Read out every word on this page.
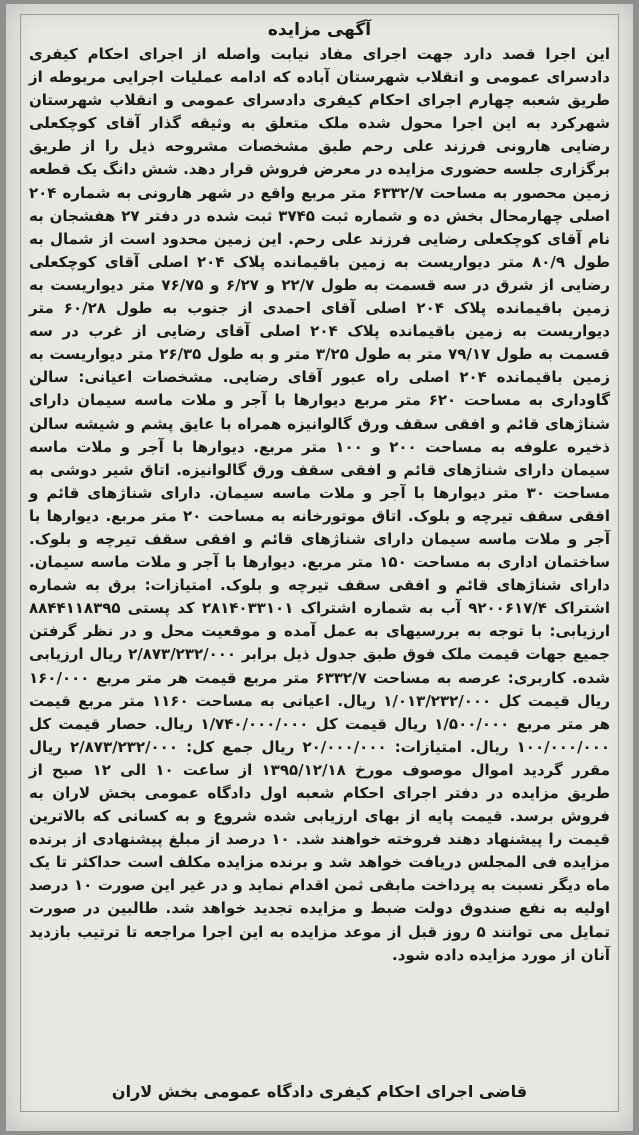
آگهی مزایده

این اجرا قصد دارد جهت اجرای مفاد نیابت واصله از اجرای احکام کیفری دادسرای عمومی و انقلاب شهرستان آباده که ادامه عملیات اجرایی مربوطه از طریق شعبه چهارم اجرای احکام کیفری دادسرای عمومی و انقلاب شهرستان شهرکرد به این اجرا محول شده ملک متعلق به وثیقه گذار آقای کوچکعلی رضایی هارونی فرزند علی رحم طبق مشخصات مشروحه ذیل را از طریق برگزاری جلسه حضوری مزایده در معرض فروش قرار دهد. شش دانگ یک قطعه زمین محصور به مساحت ۶۳۳۲/۷ متر مربع واقع در شهر هارونی به شماره ۲۰۴ اصلی چهارمحال بخش ده و شماره ثبت ۳۷۴۵ ثبت شده در دفتر ۲۷ هفشجان به نام آقای کوچکعلی رضایی فرزند علی رحم. این زمین محدود است از شمال به طول ۸۰/۹ متر دیواریست به زمین باقیمانده پلاک ۲۰۴ اصلی آقای کوچکعلی رضایی از شرق در سه قسمت به طول ۲۲/۷ و ۶/۲۷ و ۷۶/۷۵ متر دیواریست به زمین باقیمانده پلاک ۲۰۴ اصلی آقای احمدی از جنوب به طول ۶۰/۲۸ متر دیواریست به زمین باقیمانده پلاک ۲۰۴ اصلی آقای رضایی از غرب در سه قسمت به طول ۷۹/۱۷ متر به طول ۳/۲۵ متر و به طول ۲۶/۳۵ متر دیواریست به زمین باقیمانده ۲۰۴ اصلی راه عبور آقای رضایی. مشخصات اعیانی: سالن گاوداری به مساحت ۶۲۰ متر مربع دیوارها با آجر و ملات ماسه سیمان دارای شناژهای قائم و افقی سقف ورق گالوانیزه همراه با عایق پشم و شیشه سالن ذخیره علوفه به مساحت ۲۰۰ و ۱۰۰ متر مربع. دیوارها با آجر و ملات ماسه سیمان دارای شناژهای قائم و افقی سقف ورق گالوانیزه. اتاق شیر دوشی به مساحت ۳۰ متر دیوارها با آجر و ملات ماسه سیمان. دارای شناژهای قائم و افقی سقف تیرچه و بلوک. اتاق موتورخانه به مساحت ۲۰ متر مربع. دیوارها با آجر و ملات ماسه سیمان دارای شناژهای قائم و افقی سقف تیرچه و بلوک. ساختمان اداری به مساحت ۱۵۰ متر مربع. دیوارها با آجر و ملات ماسه سیمان. دارای شناژهای قائم و افقی سقف تیرچه و بلوک. امتیازات: برق به شماره اشتراک ۹۲۰۰۶۱۷/۴ آب به شماره اشتراک ۲۸۱۴۰۳۳۱۰۱ کد پستی ۸۸۴۴۱۱۸۳۹۵ ارزیابی: با توجه به بررسیهای به عمل آمده و موقعیت محل و در نظر گرفتن جمیع جهات قیمت ملک فوق طبق جدول ذیل برابر ۲/۸۷۳/۲۳۲/۰۰۰ ریال ارزیابی شده. کاربری: عرصه به مساحت ۶۳۳۲/۷ متر مربع قیمت هر متر مربع ۱۶۰/۰۰۰ ریال قیمت کل ۱/۰۱۳/۲۳۲/۰۰۰ ریال. اعیانی به مساحت ۱۱۶۰ متر مربع قیمت هر متر مربع ۱/۵۰۰/۰۰۰ ریال قیمت کل ۱/۷۴۰/۰۰۰/۰۰۰ ریال. حصار قیمت کل ۱۰۰/۰۰۰/۰۰۰ ریال. امتیازات: ۲۰/۰۰۰/۰۰۰ ریال جمع کل: ۲/۸۷۳/۲۳۲/۰۰۰ ریال مقرر گردید اموال موصوف مورخ ۱۳۹۵/۱۲/۱۸ از ساعت ۱۰ الی ۱۲ صبح از طریق مزایده در دفتر اجرای احکام شعبه اول دادگاه عمومی بخش لاران به فروش برسد. قیمت پایه از بهای ارزیابی شده شروع و به کسانی که بالاترین قیمت را پیشنهاد دهند فروخته خواهند شد. ۱۰ درصد از مبلغ پیشنهادی از برنده مزایده فی المجلس دریافت خواهد شد و برنده مزایده مکلف است حداکثر تا یک ماه دیگر نسبت به پرداخت مابقی ثمن اقدام نماید و در غیر این صورت ۱۰ درصد اولیه به نفع صندوق دولت ضبط و مزایده تجدید خواهد شد. طالبین در صورت تمایل می توانند ۵ روز قبل از موعد مزایده به این اجرا مراجعه تا ترتیب بازدید آنان از مورد مزایده داده شود.

قاضی اجرای احکام کیفری دادگاه عمومی بخش لاران
